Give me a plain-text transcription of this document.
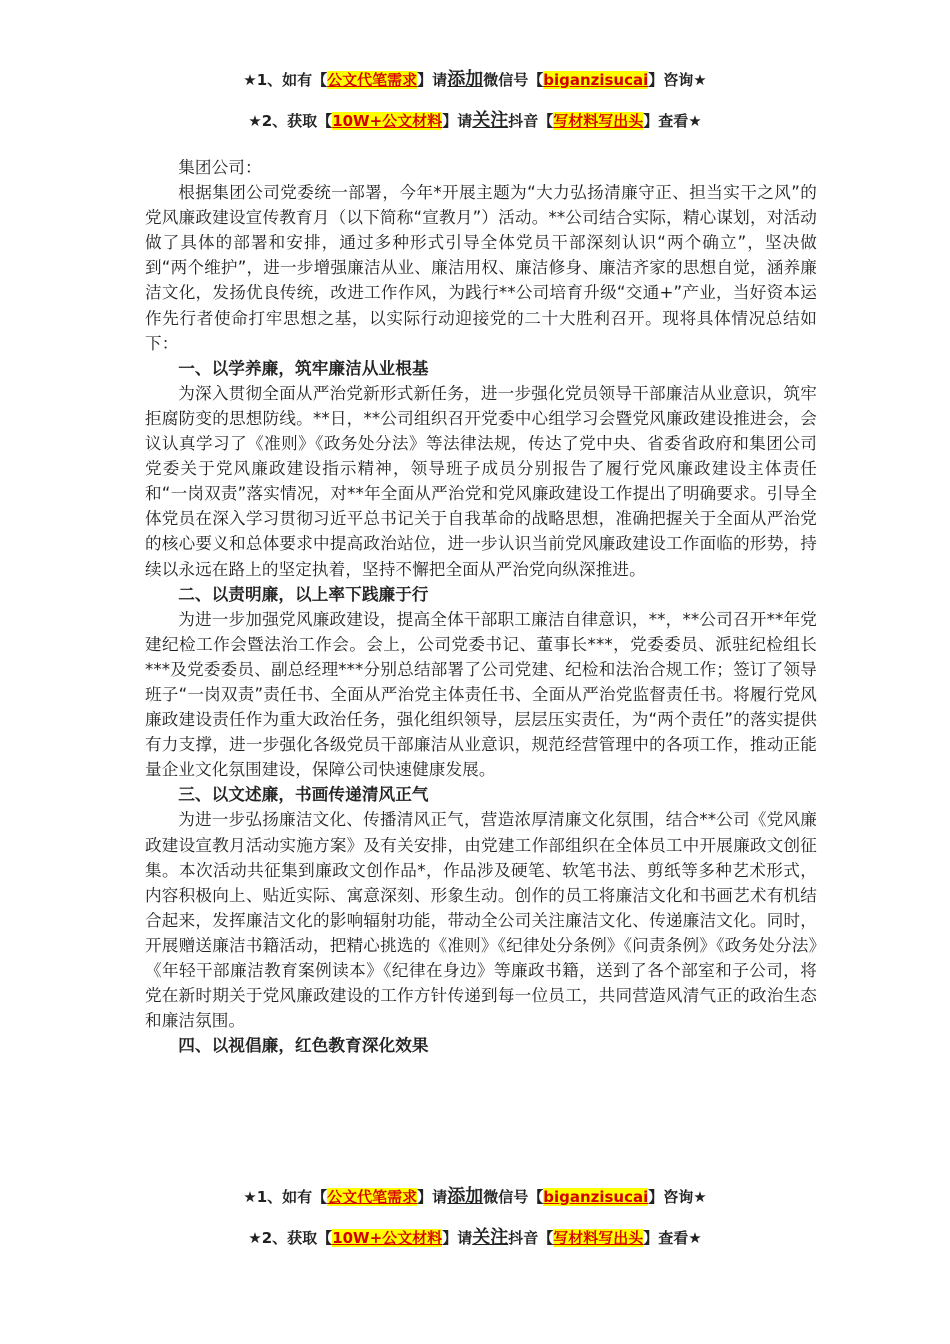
★1、如有【公文代笔需求】请添加微信号【biganzisucai】咨询★
★2、获取【10W+公文材料】请关注抖音【写材料写出头】查看★

集团公司：

根据集团公司党委统一部署，今年*开展主题为“大力弘扬清廉守正、担当实干之风”的党风廉政建设宣传教育月（以下简称“宣教月”）活动。**公司结合实际，精心谋划，对活动做了具体的部署和安排，通过多种形式引导全体党员干部深刻认识“两个确立”，坚决做到“两个维护”，进一步增强廉洁从业、廉洁用权、廉洁修身、廉洁齐家的思想自觉，涵养廉洁文化，发扬优良传统，改进工作作风，为践行**公司培育升级“交通+”产业，当好资本运作先行者使命打牢思想之基，以实际行动迎接党的二十大胜利召开。现将具体情况总结如下：

一、以学养廉，筑牢廉洁从业根基

为深入贯彻全面从严治党新形式新任务，进一步强化党员领导干部廉洁从业意识，筑牢拒腐防变的思想防线。**日，**公司组织召开党委中心组学习会暨党风廉政建设推进会，会议认真学习了《准则》《政务处分法》等法律法规，传达了党中央、省委省政府和集团公司党委关于党风廉政建设指示精神，领导班子成员分别报告了履行党风廉政建设主体责任和“一岗双责”落实情况，对**年全面从严治党和党风廉政建设工作提出了明确要求。引导全体党员在深入学习贯彻习近平总书记关于自我革命的战略思想，准确把握关于全面从严治党的核心要义和总体要求中提高政治站位，进一步认识当前党风廉政建设工作面临的形势，持续以永远在路上的坚定执着，坚持不懈把全面从严治党向纵深推进。

二、以责明廉，以上率下践廉于行

为进一步加强党风廉政建设，提高全体干部职工廉洁自律意识，**，**公司召开**年党建纪检工作会暨法治工作会。会上，公司党委书记、董事长***，党委委员、派驻纪检组长***及党委委员、副总经理***分别总结部署了公司党建、纪检和法治合规工作；签订了领导班子“一岗双责”责任书、全面从严治党主体责任书、全面从严治党监督责任书。将履行党风廉政建设责任作为重大政治任务，强化组织领导，层层压实责任，为“两个责任”的落实提供有力支撑，进一步强化各级党员干部廉洁从业意识，规范经营管理中的各项工作，推动正能量企业文化氛围建设，保障公司快速健康发展。

三、以文述廉，书画传递清风正气

为进一步弘扬廉洁文化、传播清风正气，营造浓厚清廉文化氛围，结合**公司《党风廉政建设宣教月活动实施方案》及有关安排，由党建工作部组织在全体员工中开展廉政文创征集。本次活动共征集到廉政文创作品*，作品涉及硬笔、软笔书法、剪纸等多种艺术形式，内容积极向上、贴近实际、寓意深刻、形象生动。创作的员工将廉洁文化和书画艺术有机结合起来，发挥廉洁文化的影响辐射功能，带动全公司关注廉洁文化、传递廉洁文化。同时，开展赠送廉洁书籍活动，把精心挑选的《准则》《纪律处分条例》《问责条例》《政务处分法》《年轻干部廉洁教育案例读本》《纪律在身边》等廉政书籍，送到了各个部室和子公司，将党在新时期关于党风廉政建设的工作方针传递到每一位员工，共同营造风清气正的政治生态和廉洁氛围。

四、以视倡廉，红色教育深化效果
★1、如有【公文代笔需求】请添加微信号【biganzisucai】咨询★
★2、获取【10W+公文材料】请关注抖音【写材料写出头】查看★
